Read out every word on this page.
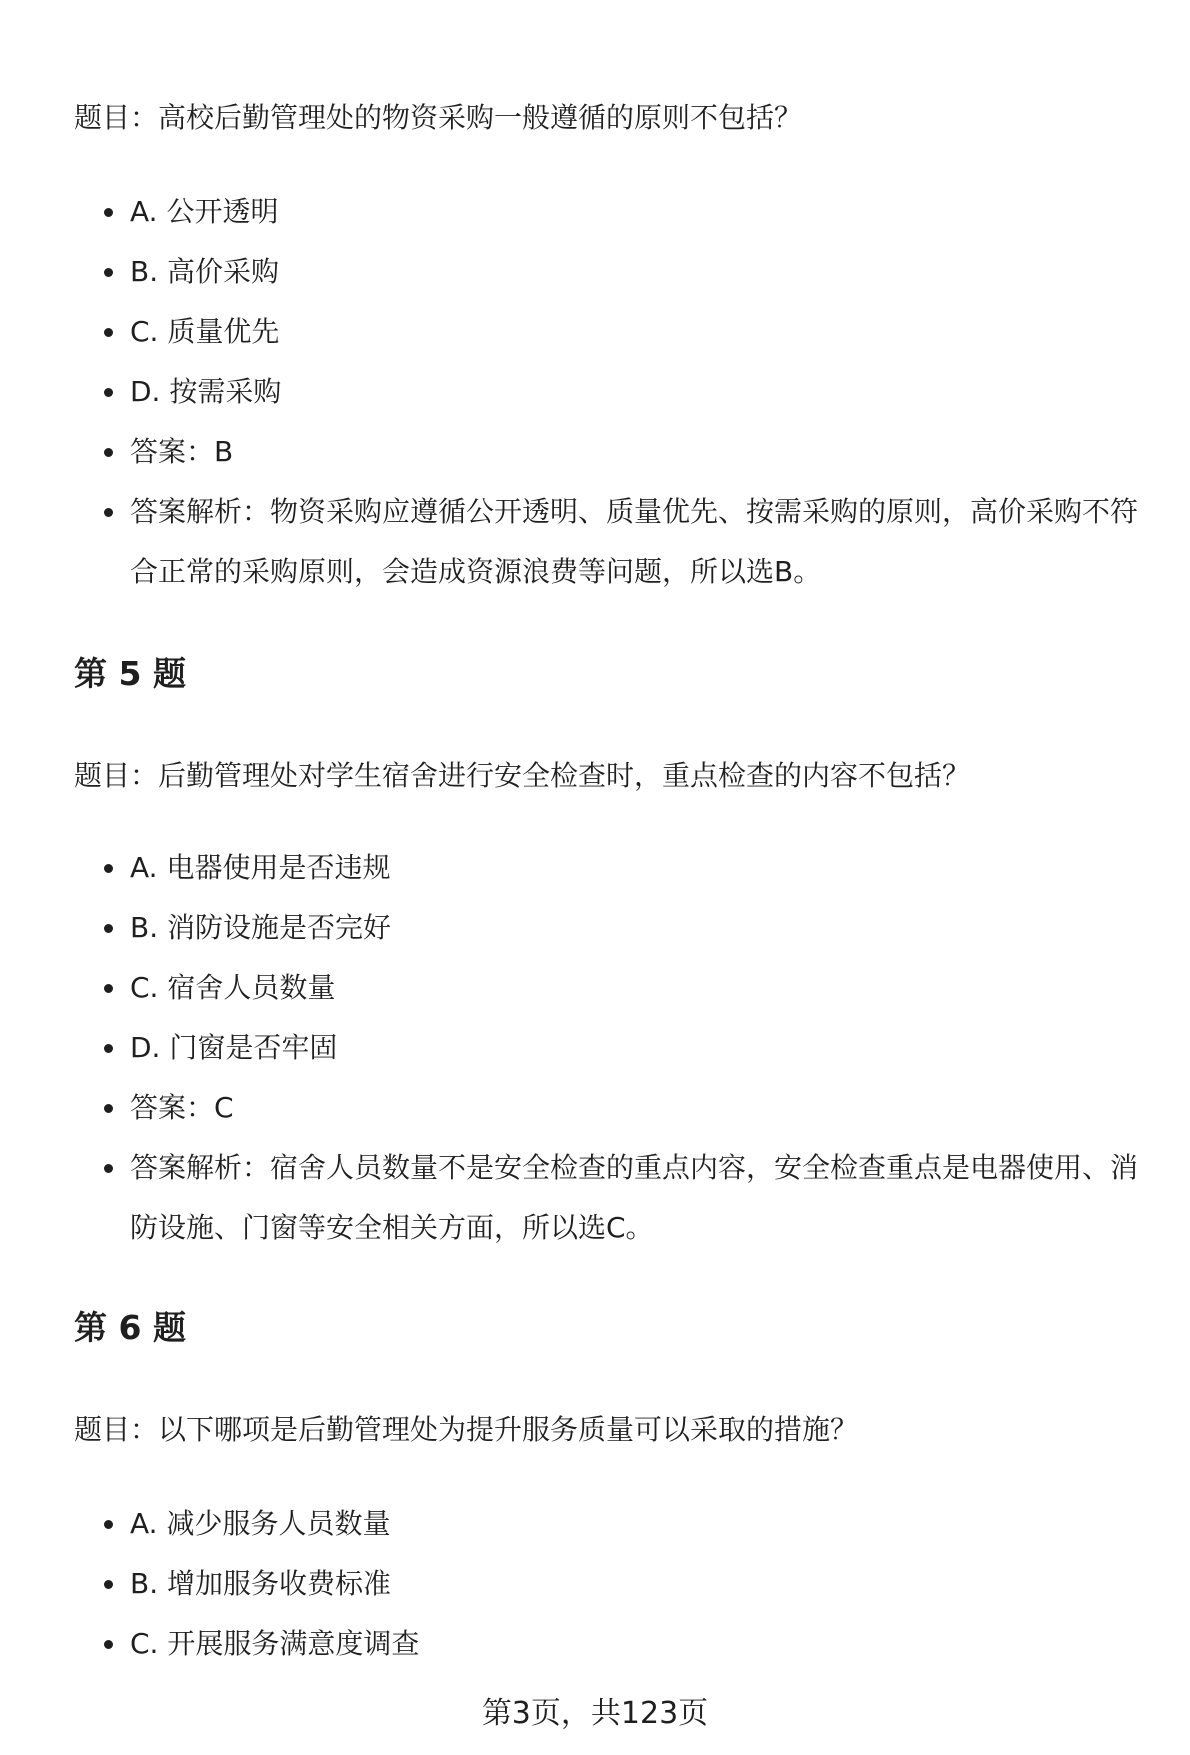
题目：高校后勤管理处的物资采购一般遵循的原则不包括？

A. 公开透明
B. 高价采购
C. 质量优先
D. 按需采购
答案：B
答案解析：物资采购应遵循公开透明、质量优先、按需采购的原则，高价采购不符合正常的采购原则，会造成资源浪费等问题，所以选B。
第 5 题

题目：后勤管理处对学生宿舍进行安全检查时，重点检查的内容不包括？

A. 电器使用是否违规
B. 消防设施是否完好
C. 宿舍人员数量
D. 门窗是否牢固
答案：C
答案解析：宿舍人员数量不是安全检查的重点内容，安全检查重点是电器使用、消防设施、门窗等安全相关方面，所以选C。
第 6 题

题目：以下哪项是后勤管理处为提升服务质量可以采取的措施？

A. 减少服务人员数量
B. 增加服务收费标准
C. 开展服务满意度调查

第3页，共123页
